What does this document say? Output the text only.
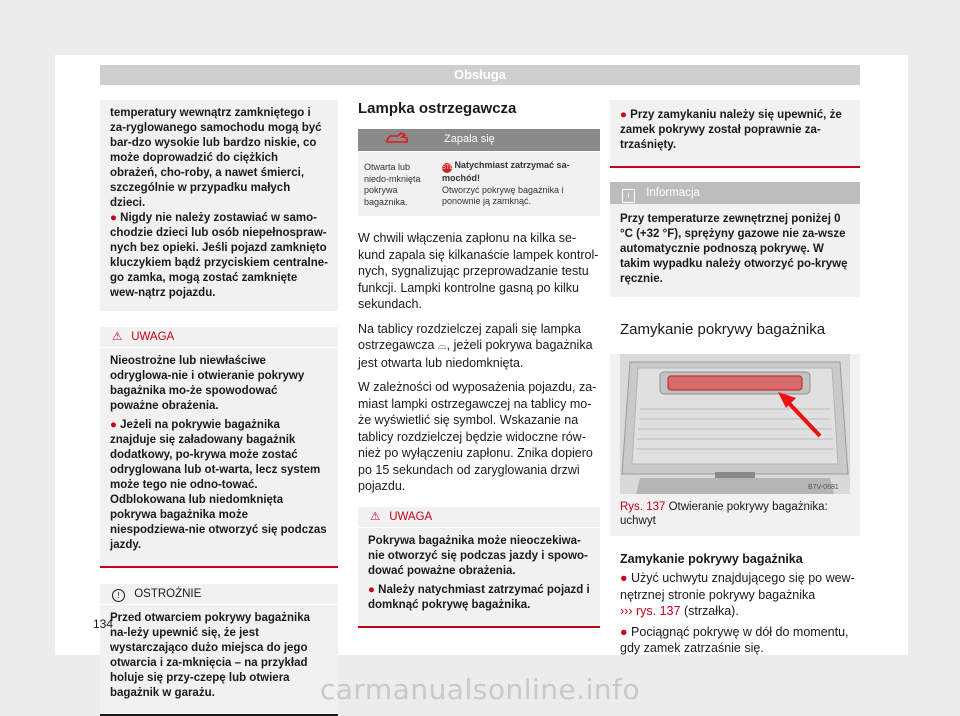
Obsługa

temperatury wewnątrz zamkniętego i za-ryglowanego samochodu mogą być bar-dzo wysokie lub bardzo niskie, co może doprowadzić do ciężkich obrażeń, cho-roby, a nawet śmierci, szczególnie w przypadku małych dzieci.

● Nigdy nie należy zostawiać w samo-chodzie dzieci lub osób niepełnospraw-nych bez opieki. Jeśli pojazd zamknięto kluczykiem bądź przyciskiem centralne-go zamka, mogą zostać zamknięte wew-nątrz pojazdu.

⚠ UWAGA

Nieostrożne lub niewłaściwe odryglowa-nie i otwieranie pokrywy bagażnika mo-że spowodować poważne obrażenia.

● Jeżeli na pokrywie bagażnika znajduje się załadowany bagażnik dodatkowy, po-krywa może zostać odryglowana lub ot-warta, lecz system może tego nie odno-tować. Odblokowana lub niedomknięta pokrywa bagażnika może niespodziewa-nie otworzyć się podczas jazdy.

! OSTROŻNIE

Przed otwarciem pokrywy bagażnika na-leży upewnić się, że jest wystarczająco dużo miejsca do jego otwarcia i za-mknięcia – na przykład holuje się przy-czepę lub otwiera bagażnik w garażu.

Lampka ostrzegawcza
	Zapala się
Otwarta lub niedo-mknięta pokrywa bagażnika.	STOP Natychmiast zatrzymać sa-mochód!
Otworzyć pokrywę bagażnika i ponownie ją zamknąć.

W chwili włączenia zapłonu na kilka se-kund zapala się kilkanaście lampek kontrol-nych, sygnalizując przeprowadzanie testu funkcji. Lampki kontrolne gasną po kilku sekundach.

Na tablicy rozdzielczej zapali się lampka ostrzegawcza ⌓, jeżeli pokrywa bagażnika jest otwarta lub niedomknięta.

W zależności od wyposażenia pojazdu, za-miast lampki ostrzegawczej na tablicy mo-że wyświetlić się symbol. Wskazanie na tablicy rozdzielczej będzie widoczne rów-nież po wyłączeniu zapłonu. Znika dopiero po 15 sekundach od zaryglowania drzwi pojazdu.

⚠ UWAGA

Pokrywa bagażnika może nieoczekiwa-nie otworzyć się podczas jazdy i spowo-dować poważne obrażenia.

● Należy natychmiast zatrzymać pojazd i domknąć pokrywę bagażnika.

● Przy zamykaniu należy się upewnić, że zamek pokrywy został poprawnie za-trzaśnięty.

i Informacja
Przy temperaturze zewnętrznej poniżej 0 °C (+32 °F), sprężyny gazowe nie za-wsze automatycznie podnoszą pokrywę. W takim wypadku należy otworzyć po-krywę ręcznie.
Zamykanie pokrywy bagażnika
B7V-0681
Rys. 137 Otwieranie pokrywy bagażnika: uchwyt
Zamykanie pokrywy bagażnika

● Użyć uchwytu znajdującego się po wew-nętrznej stronie pokrywy bagażnika
››› rys. 137 (strzałka).

● Pociągnąć pokrywę w dół do momentu, gdy zamek zatrzaśnie się.

134
carmanualsonline.info
